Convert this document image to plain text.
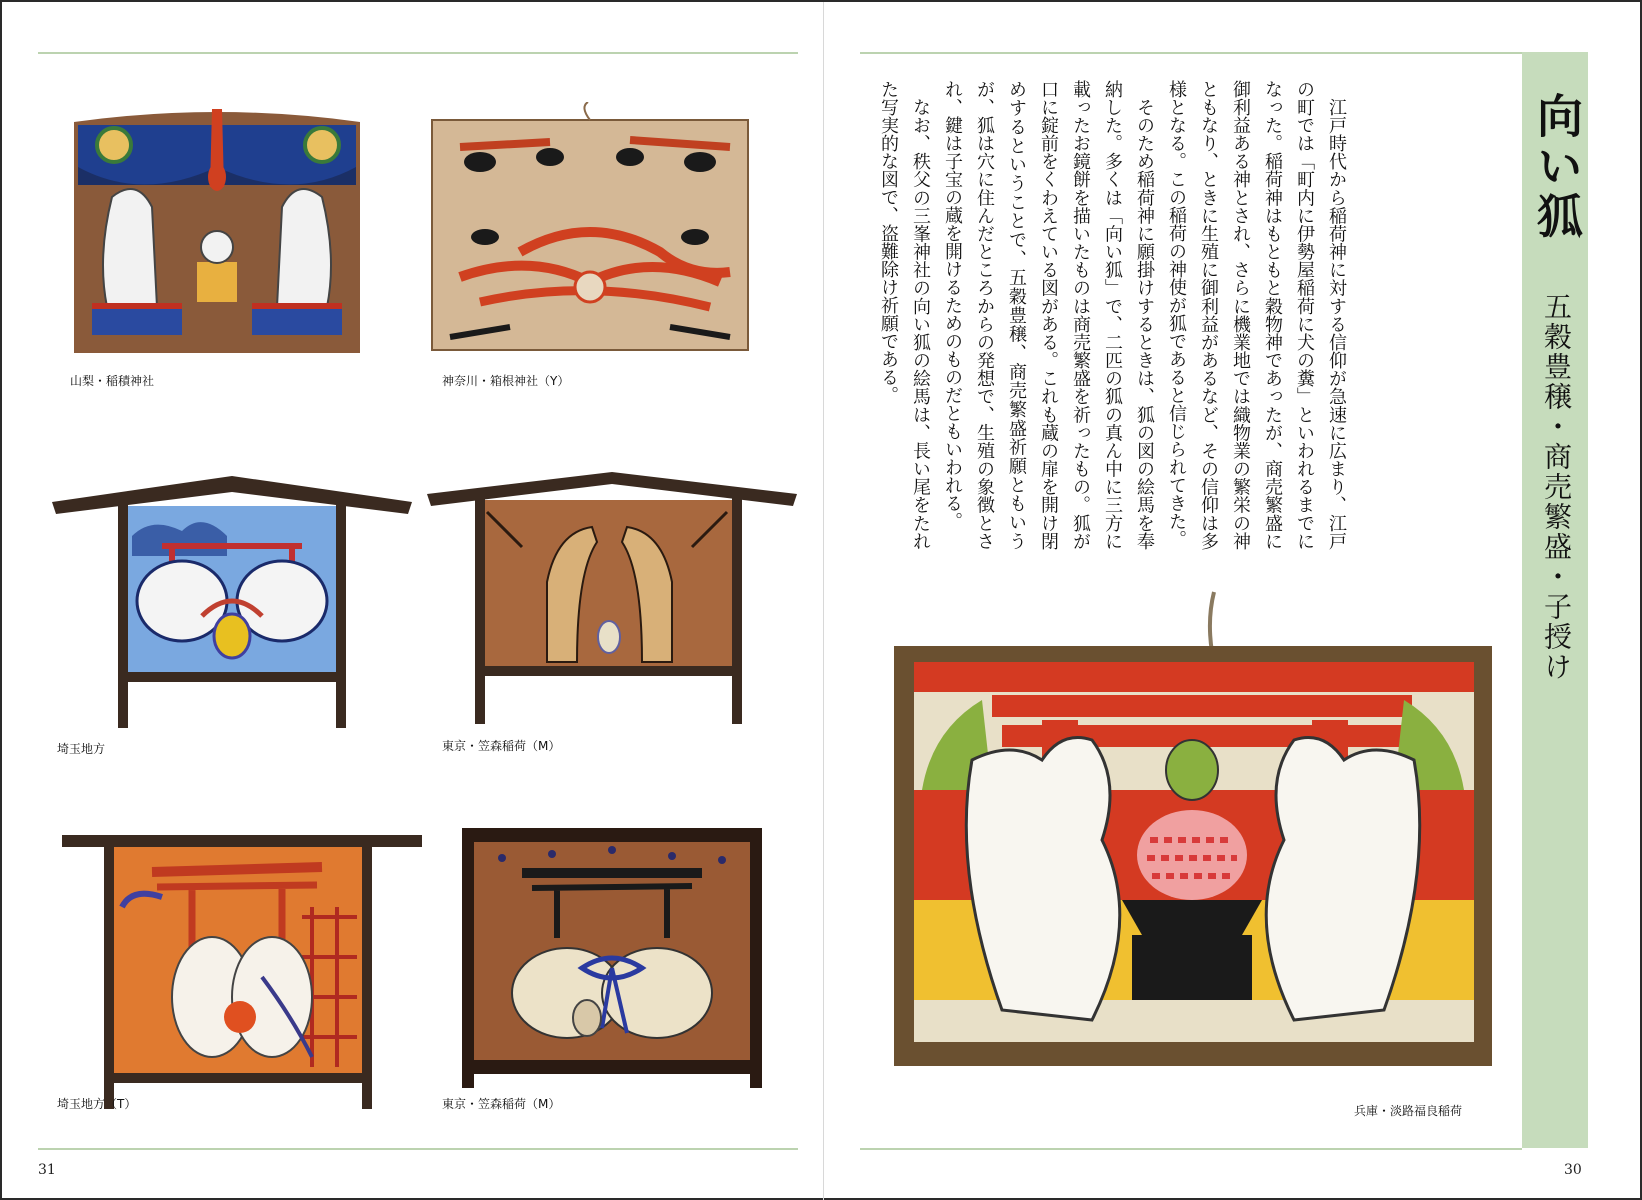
31
山梨・稲積神社	神奈川・箱根神社（Y）
埼玉地方	東京・笠森稲荷（M）
埼玉地方（T）	東京・笠森稲荷（M）
30
向い狐
五穀豊穣・商売繁盛・子授け

江戸時代から稲荷神に対する信仰が急速に広まり、江戸の町では「町内に伊勢屋稲荷に犬の糞」といわれるまでになった。稲荷神はもともと穀物神であったが、商売繁盛に御利益ある神とされ、さらに機業地では織物業の繁栄の神ともなり、ときに生殖に御利益があるなど、その信仰は多様となる。この稲荷の神使が狐であると信じられてきた。

そのため稲荷神に願掛けするときは、狐の図の絵馬を奉納した。多くは「向い狐」で、二匹の狐の真ん中に三方に載ったお鏡餅を描いたものは商売繁盛を祈ったもの。狐が口に錠前をくわえている図がある。これも蔵の扉を開け閉めするということで、五穀豊穣、商売繁盛祈願ともいうが、狐は穴に住んだところからの発想で、生殖の象徴とされ、鍵は子宝の蔵を開けるためのものだともいわれる。

なお、秩父の三峯神社の向い狐の絵馬は、長い尾をたれた写実的な図で、盗難除け祈願である。

兵庫・淡路福良稲荷
